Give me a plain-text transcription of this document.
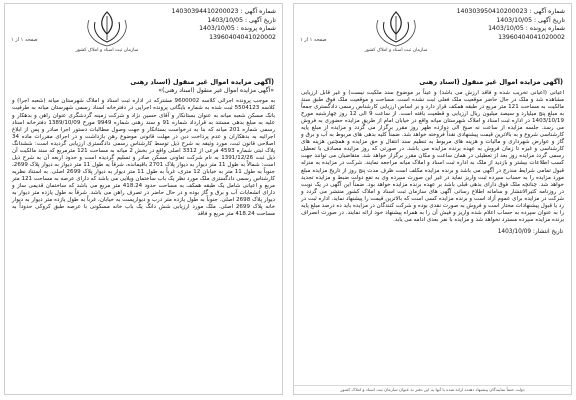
شماره آگهی : 140303950410200023
تاریخ آگهی : 1403/10/05
شماره پرونده : 1403/10/05
13960404041020002
سازمان ثبت اسناد و املاک کشور
صفحه ۱ از ۱
(آگهی مزایده اموال غیر منقول (اسناد رهنی

اعیانی (اعیانی تخریب شده و فاقد ارزش می باشد) و عیناً بر موضوع سند ملکیت نیست) و غیر قابل ارزیابی مشاهده شد و ملک در حال حاضر موقعیت ملک فعلی ثبت نشده است. مساحت و موقعیت ملک فوق طبق سند مالکیت به مساحت 121 متر مربع در طبقه همکف قرار دارد و بر اساس ارزیابی کارشناس رسمی دادگستری جمعاً به مبلغ پنج میلیارد و سیصد میلیون ریال ارزیابی و قطعیت یافته است. از ساعت 9 الی 12 روز چهارشنبه مورخ 1403/10/19 در اداره ثبت اسناد و املاک شهرستان میانه واقع در خیابان امام از طریق مزایده حضوری به فروش می رسد. جلسه مزایده از ساعت نه صبح الی دوازده ظهر روز مقرر برگزار می گردد و مزایده از مبلغ پایه کارشناسی شروع و به بالاترین قیمت پیشنهادی نقداً فروخته خواهد شد. ضمناً کلیه بدهی های مربوط به آب و برق و گاز و عوارض شهرداری و مالیات و هزینه های مربوط به تنظیم سند انتقال و حق مزایده و همچنین هزینه های کارشناسی و غیره تا زمان فروش به عهده برنده مزایده می باشد. در صورتی که روز مزایده مصادف با تعطیل رسمی گردد مزایده روز بعد از تعطیلی در همان ساعت و مکان مقرر برگزار خواهد شد. متقاضیان می توانند جهت کسب اطلاعات بیشتر و بازدید از ملک به اداره ثبت اسناد و املاک میانه مراجعه نمایند. شرکت در مزایده به منزله قبول تمامی شرایط مندرج در آگهی می باشد و برنده مزایده مکلف است ظرف مدت پنج روز از تاریخ مزایده مبلغ مورد مزایده را به حساب سپرده ثبت واریز نماید در غیر این صورت سپرده وی به نفع دولت ضبط و مزایده تجدید خواهد شد. چنانچه ملک فوق دارای بدهی قبلی باشد بر عهده برنده مزایده خواهد بود. ضمناً این آگهی در یک نوبت در روزنامه کثیرالانتشار و سامانه اطلاع رسانی آگهی های سازمان ثبت اسناد و املاک کشور منتشر می گردد و شرکت در مزایده برای عموم آزاد است و برنده مزایده کسی است که بالاترین قیمت را پیشنهاد نماید. اداره ثبت در رد یا قبول پیشنهادات مختار است و فروش به صورت نقدی بوده و شرکت کنندگان در مزایده باید ده درصد مبلغ پایه را به عنوان سپرده به حساب اعلام شده واریز و فیش آن را به همراه پیشنهاد خود ارائه نمایند. در صورت انصراف برنده مزایده سپرده مسترد نخواهد شد و مزایده با نفر بعدی ادامه می یابد.

تاریخ انتشار: 1403/10/09
دولت حتماً نمایندگان پیشنهاد دهنده ارائه شده یا آنها به این دفتر به عنوان سازمان ثبت اسناد و املاک کشور
شماره آگهی : 14030394410200023
تاریخ آگهی : 1403/10/05
شماره پرونده : 1403/10/05
13960404041020002
سازمان ثبت اسناد و املاک کشور
صفحه ۱ از ۱
(آگهی مزایده اموال غیر منقول (اسناد رهنی
«آگهی مزایده اموال غیر منقول (اسناد رهنی)»

به موجب پرونده اجرائی کلاسه 9600002 مشترکه در اداره ثبت اسناد و املاک شهرستان میانه (شعبه اجرا) و کلاسه 5504123 ثبت شده به شماره بایگانی پرونده اجرایی در دفترخانه اسناد رسمی شهرستان میانه به طرفیت بانک مسکن شعبه میانه به عنوان بستانکار و آقای حسین نژاد و شرکت زمینه گردشگری عنوان راهن و بدهکار و علیه به مبلغ بدهی مستند به قرارداد شماره 91 و سند رهنی شماره 9949 مورخ 1389/10/09 دفترخانه اسناد رسمی شماره 201 میانه که بنا به درخواست بستانکار و جهت وصول مطالبات دستور اجرا صادر و پس از ابلاغ اجرائیه به بدهکاران و عدم پرداخت دین در مهلت قانونی موضوع رهن بازداشت و در اجرای مقررات ماده 34 اصلاحی قانون ثبت، مورد وثیقه به شرح ذیل توسط کارشناس رسمی دادگستری ارزیابی گردیده است: ششدانگ پلاک ثبتی شماره 4593 فرعی از 3312 اصلی واقع در بخش 2 میانه به مساحت 121 مترمربع که سند مالکیت آن ذیل ثبت 1391/12/26 به نام شرکت تعاونی مسکن صادر و تسلیم گردیده است و حدود اربعه آن به شرح ذیل است: شمالاً به طول 11 متر دیوار به دیوار پلاک 2701 باقیمانده، شرقاً به طول 11 متر دیوار به دیوار پلاک 2699، جنوباً به طول 11 متر به خیابان 12 متری، غرباً به طول 11 متر دیوار به دیوار پلاک 2699 اصلی. به استناد نظریه کارشناس رسمی دادگستری ملک مورد نظر یک باب ساختمان ویلایی می باشد که دارای عرصه به مساحت 121 متر مربع و اعیانی شامل یک طبقه همکف به مساحت حدود 418.24 متر مربع می باشد که ساختمان قدیمی ساز و دارای انشعابات آب و برق و گاز بوده و در حال حاضر در تصرف راهن می باشد. شرقاً به طول یازده متر دیوار به دیوار پلاک 2698 اصلی. جنوباً به طول یازده متر درب و دیواریست به خیابان، غرباً به طول یازده متر دیوار به دیوار خانه پلاک 2699 اصلی. ملک مورد ارزیابی شش دانگ یک باب خانه مسکونی با عرصه طبق کروکی حدوداً به مساحت 418.24 متر مربع و فاقد
